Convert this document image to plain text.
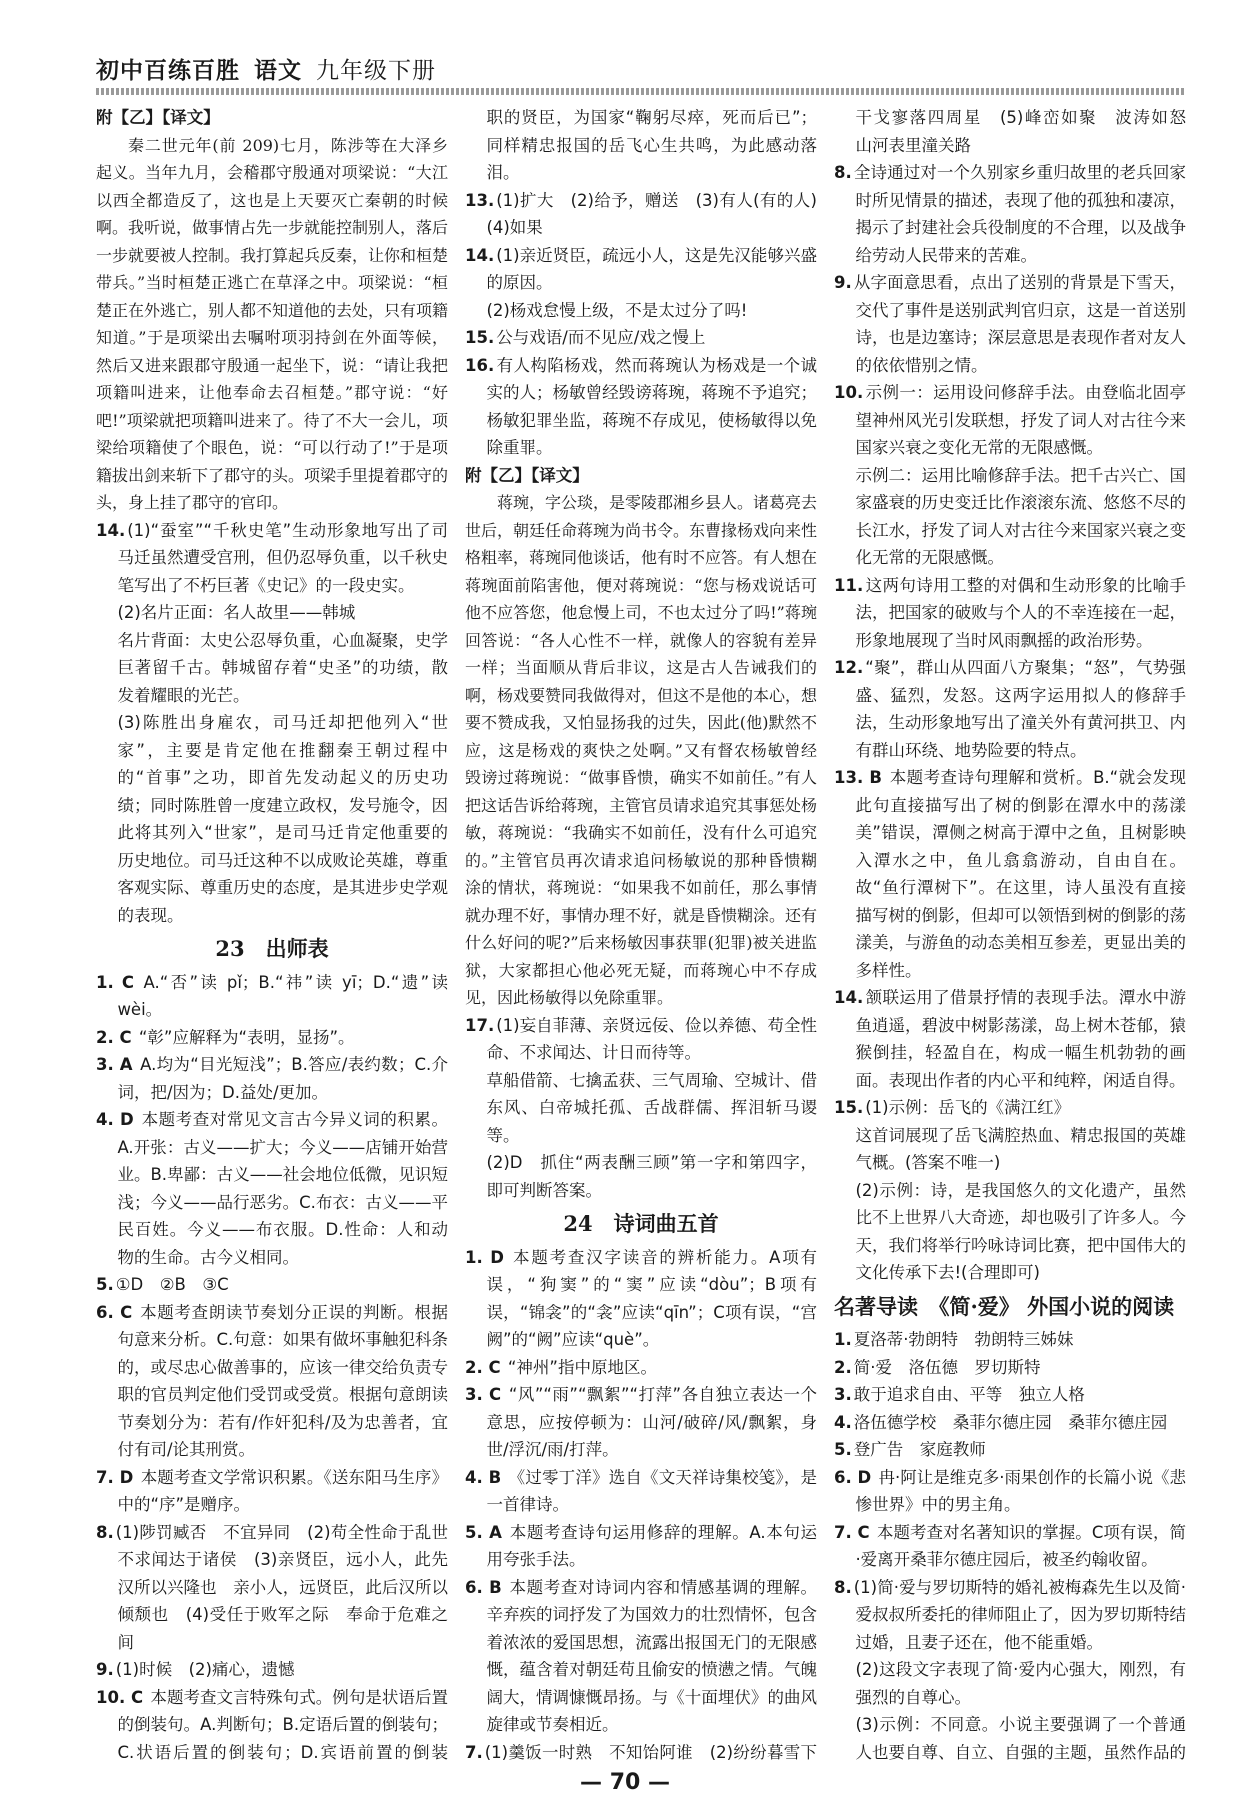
初中百练百胜 语文 九年级下册

附【乙】【译文】

秦二世元年(前 209)七月，陈涉等在大泽乡起义。当年九月，会稽郡守殷通对项梁说：“大江以西全都造反了，这也是上天要灭亡秦朝的时候啊。我听说，做事情占先一步就能控制别人，落后一步就要被人控制。我打算起兵反秦，让你和桓楚带兵。”当时桓楚正逃亡在草泽之中。项梁说：“桓楚正在外逃亡，别人都不知道他的去处，只有项籍知道。”于是项梁出去嘱咐项羽持剑在外面等候，然后又进来跟郡守殷通一起坐下，说：“请让我把项籍叫进来，让他奉命去召桓楚。”郡守说：“好吧!”项梁就把项籍叫进来了。待了不大一会儿，项梁给项籍使了个眼色，说：“可以行动了!”于是项籍拔出剑来斩下了郡守的头。项梁手里提着郡守的头，身上挂了郡守的官印。

14. (1)“蚕室”“千秋史笔”生动形象地写出了司马迁虽然遭受宫刑，但仍忍辱负重，以千秋史笔写出了不朽巨著《史记》的一段史实。

(2)名片正面：名人故里——韩城

名片背面：太史公忍辱负重，心血凝聚，史学巨著留千古。韩城留存着“史圣”的功绩，散发着耀眼的光芒。

(3)陈胜出身雇农，司马迁却把他列入“世家”，主要是肯定他在推翻秦王朝过程中的“首事”之功，即首先发动起义的历史功绩；同时陈胜曾一度建立政权，发号施令，因此将其列入“世家”，是司马迁肯定他重要的历史地位。司马迁这种不以成败论英雄，尊重客观实际、尊重历史的态度，是其进步史学观的表现。

23　出师表

1. C A.“否”读 pǐ；B.“祎”读 yī；D.“遗”读 wèi。

2. C “彰”应解释为“表明，显扬”。

3. A A.均为“目光短浅”；B.答应/表约数；C.介词，把/因为；D.益处/更加。

4. D 本题考查对常见文言古今异义词的积累。A.开张：古义——扩大；今义——店铺开始营业。B.卑鄙：古义——社会地位低微，见识短浅；今义——品行恶劣。C.布衣：古义——平民百姓。今义——布衣服。D.性命：人和动物的生命。古今义相同。

5. ①D　②B　③C

6. C 本题考查朗读节奏划分正误的判断。根据句意来分析。C.句意：如果有做坏事触犯科条的，或尽忠心做善事的，应该一律交给负责专职的官员判定他们受罚或受赏。根据句意朗读节奏划分为：若有/作奸犯科/及为忠善者，宜付有司/论其刑赏。

7. D 本题考查文学常识积累。《送东阳马生序》中的“序”是赠序。

8. (1)陟罚臧否　不宜异同　(2)苟全性命于乱世　不求闻达于诸侯　(3)亲贤臣，远小人，此先汉所以兴隆也　亲小人，远贤臣，此后汉所以倾颓也　(4)受任于败军之际　奉命于危难之间

9. (1)时候　(2)痛心，遗憾

10. C 本题考查文言特殊句式。例句是状语后置的倒装句。A.判断句；B.定语后置的倒装句；C.状语后置的倒装句；D.宾语前置的倒装

职的贤臣，为国家“鞠躬尽瘁，死而后已”；同样精忠报国的岳飞心生共鸣，为此感动落泪。

13. (1)扩大　(2)给予，赠送　(3)有人(有的人)　(4)如果

14. (1)亲近贤臣，疏远小人，这是先汉能够兴盛的原因。

(2)杨戏怠慢上级，不是太过分了吗!

15. 公与戏语/而不见应/戏之慢上

16. 有人构陷杨戏，然而蒋琬认为杨戏是一个诚实的人；杨敏曾经毁谤蒋琬，蒋琬不予追究；杨敏犯罪坐监，蒋琬不存成见，使杨敏得以免除重罪。

附【乙】【译文】

蒋琬，字公琰，是零陵郡湘乡县人。诸葛亮去世后，朝廷任命蒋琬为尚书令。东曹掾杨戏向来性格粗率，蒋琬同他谈话，他有时不应答。有人想在蒋琬面前陷害他，便对蒋琬说：“您与杨戏说话可他不应答您，他怠慢上司，不也太过分了吗!”蒋琬回答说：“各人心性不一样，就像人的容貌有差异一样；当面顺从背后非议，这是古人告诫我们的啊，杨戏要赞同我做得对，但这不是他的本心，想要不赞成我，又怕显扬我的过失，因此(他)默然不应，这是杨戏的爽快之处啊。”又有督农杨敏曾经毁谤过蒋琬说：“做事昏愦，确实不如前任。”有人把这话告诉给蒋琬，主管官员请求追究其事惩处杨敏，蒋琬说：“我确实不如前任，没有什么可追究的。”主管官员再次请求追问杨敏说的那种昏愦糊涂的情状，蒋琬说：“如果我不如前任，那么事情就办理不好，事情办理不好，就是昏愦糊涂。还有什么好问的呢?”后来杨敏因事获罪(犯罪)被关进监狱，大家都担心他必死无疑，而蒋琬心中不存成见，因此杨敏得以免除重罪。

17. (1)妄自菲薄、亲贤远佞、俭以养德、苟全性命、不求闻达、计日而待等。

草船借箭、七擒孟获、三气周瑜、空城计、借东风、白帝城托孤、舌战群儒、挥泪斩马谡等。

(2)D　抓住“两表酬三顾”第一字和第四字，即可判断答案。

24　诗词曲五首

1. D 本题考查汉字读音的辨析能力。A项有误，“狗窦”的“窦”应读“dòu”；B项有误，“锦衾”的“衾”应读“qīn”；C项有误，“宫阙”的“阙”应读“què”。

2. C “神州”指中原地区。

3. C “风”“雨”“飘絮”“打萍”各自独立表达一个意思，应按停顿为：山河/破碎/风/飘絮，身世/浮沉/雨/打萍。

4. B 《过零丁洋》选自《文天祥诗集校笺》，是一首律诗。

5. A 本题考查诗句运用修辞的理解。A.本句运用夸张手法。

6. B 本题考查对诗词内容和情感基调的理解。辛弃疾的词抒发了为国效力的壮烈情怀，包含着浓浓的爱国思想，流露出报国无门的无限感慨，蕴含着对朝廷苟且偷安的愤懑之情。气魄阔大，情调慷慨昂扬。与《十面埋伏》的曲风旋律或节奏相近。

7. (1)羹饭一时熟　不知饴阿谁　(2)纷纷暮雪下　　　　

干戈寥落四周星　(5)峰峦如聚　波涛如怒　山河表里潼关路

8. 全诗通过对一个久别家乡重归故里的老兵回家时所见情景的描述，表现了他的孤独和凄凉，揭示了封建社会兵役制度的不合理，以及战争给劳动人民带来的苦难。

9. 从字面意思看，点出了送别的背景是下雪天，交代了事件是送别武判官归京，这是一首送别诗，也是边塞诗；深层意思是表现作者对友人的依依惜别之情。

10. 示例一：运用设问修辞手法。由登临北固亭望神州风光引发联想，抒发了词人对古往今来国家兴衰之变化无常的无限感慨。

示例二：运用比喻修辞手法。把千古兴亡、国家盛衰的历史变迁比作滚滚东流、悠悠不尽的长江水，抒发了词人对古往今来国家兴衰之变化无常的无限感慨。

11. 这两句诗用工整的对偶和生动形象的比喻手法，把国家的破败与个人的不幸连接在一起，形象地展现了当时风雨飘摇的政治形势。

12. “聚”，群山从四面八方聚集；“怒”，气势强盛、猛烈，发怒。这两字运用拟人的修辞手法，生动形象地写出了潼关外有黄河拱卫、内有群山环绕、地势险要的特点。

13. B 本题考查诗句理解和赏析。B.“就会发现此句直接描写出了树的倒影在潭水中的荡漾美”错误，潭侧之树高于潭中之鱼，且树影映入潭水之中，鱼儿翕翕游动，自由自在。故“鱼行潭树下”。在这里，诗人虽没有直接描写树的倒影，但却可以领悟到树的倒影的荡漾美，与游鱼的动态美相互参差，更显出美的多样性。

14. 颔联运用了借景抒情的表现手法。潭水中游鱼逍遥，碧波中树影荡漾，岛上树木苍郁，猿猴倒挂，轻盈自在，构成一幅生机勃勃的画面。表现出作者的内心平和纯粹，闲适自得。

15. (1)示例：岳飞的《满江红》

这首词展现了岳飞满腔热血、精忠报国的英雄气概。(答案不唯一)

(2)示例：诗，是我国悠久的文化遗产，虽然比不上世界八大奇迹，却也吸引了许多人。今天，我们将举行吟咏诗词比赛，把中国伟大的文化传承下去!(合理即可)

名著导读　《简·爱》 外国小说的阅读

1. 夏洛蒂·勃朗特　勃朗特三姊妹

2. 简·爱　洛伍德　罗切斯特

3. 敢于追求自由、平等　独立人格

4. 洛伍德学校　桑菲尔德庄园　桑菲尔德庄园

5. 登广告　家庭教师

6. D 冉·阿让是维克多·雨果创作的长篇小说《悲惨世界》中的男主角。

7. C 本题考查对名著知识的掌握。C项有误，简·爱离开桑菲尔德庄园后，被圣约翰收留。

8. (1)简·爱与罗切斯特的婚礼被梅森先生以及简·爱叔叔所委托的律师阻止了，因为罗切斯特结过婚，且妻子还在，他不能重婚。

(2)这段文字表现了简·爱内心强大，刚烈，有强烈的自尊心。

(3)示例：不同意。小说主要强调了一个普通人也要自尊、自立、自强的主题，虽然作品的

— 70 —
